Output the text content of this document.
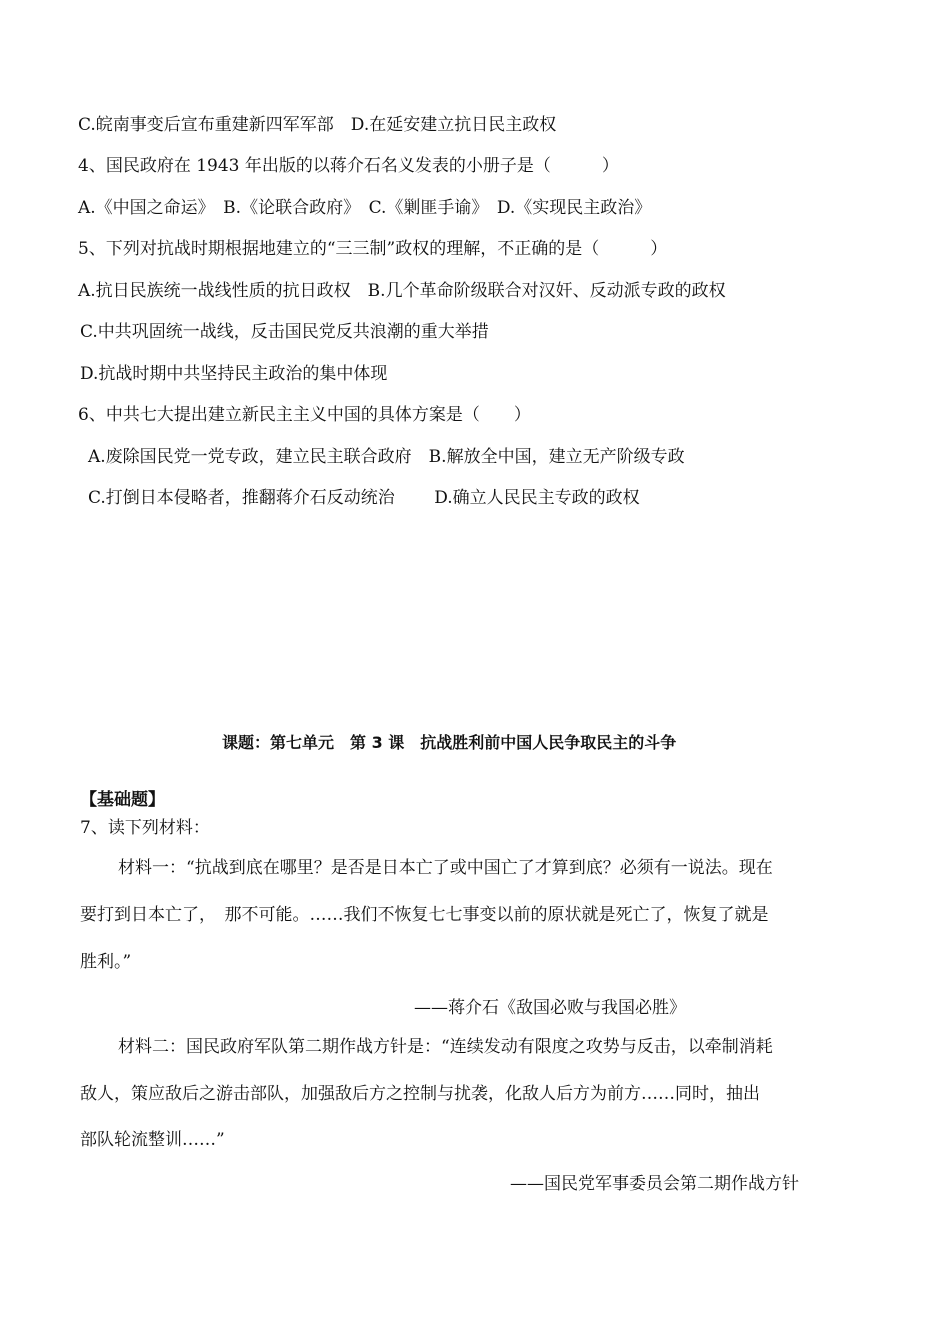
C.皖南事变后宣布重建新四军军部　D.在延安建立抗日民主政权
4、国民政府在 1943 年出版的以蒋介石名义发表的小册子是（　　　）
A.《中国之命运》　B.《论联合政府》　C.《剿匪手谕》　D.《实现民主政治》
5、下列对抗战时期根据地建立的“三三制”政权的理解，不正确的是（　　　）
A.抗日民族统一战线性质的抗日政权　B.几个革命阶级联合对汉奸、反动派专政的政权
C.中共巩固统一战线，反击国民党反共浪潮的重大举措
D.抗战时期中共坚持民主政治的集中体现
6、中共七大提出建立新民主主义中国的具体方案是（　　）
A.废除国民党一党专政，建立民主联合政府　B.解放全中国，建立无产阶级专政
C.打倒日本侵略者，推翻蒋介石反动统治　　 D.确立人民民主专政的政权
课题：第七单元　第 3 课　抗战胜利前中国人民争取民主的斗争
【基础题】
7、读下列材料：
材料一：“抗战到底在哪里？是否是日本亡了或中国亡了才算到底？必须有一说法。现在
要打到日本亡了，　那不可能。……我们不恢复七七事变以前的原状就是死亡了，恢复了就是
胜利。”
——蒋介石《敌国必败与我国必胜》
材料二：国民政府军队第二期作战方针是：“连续发动有限度之攻势与反击，以牵制消耗
敌人，策应敌后之游击部队，加强敌后方之控制与扰袭，化敌人后方为前方……同时，抽出
部队轮流整训……”
——国民党军事委员会第二期作战方针
